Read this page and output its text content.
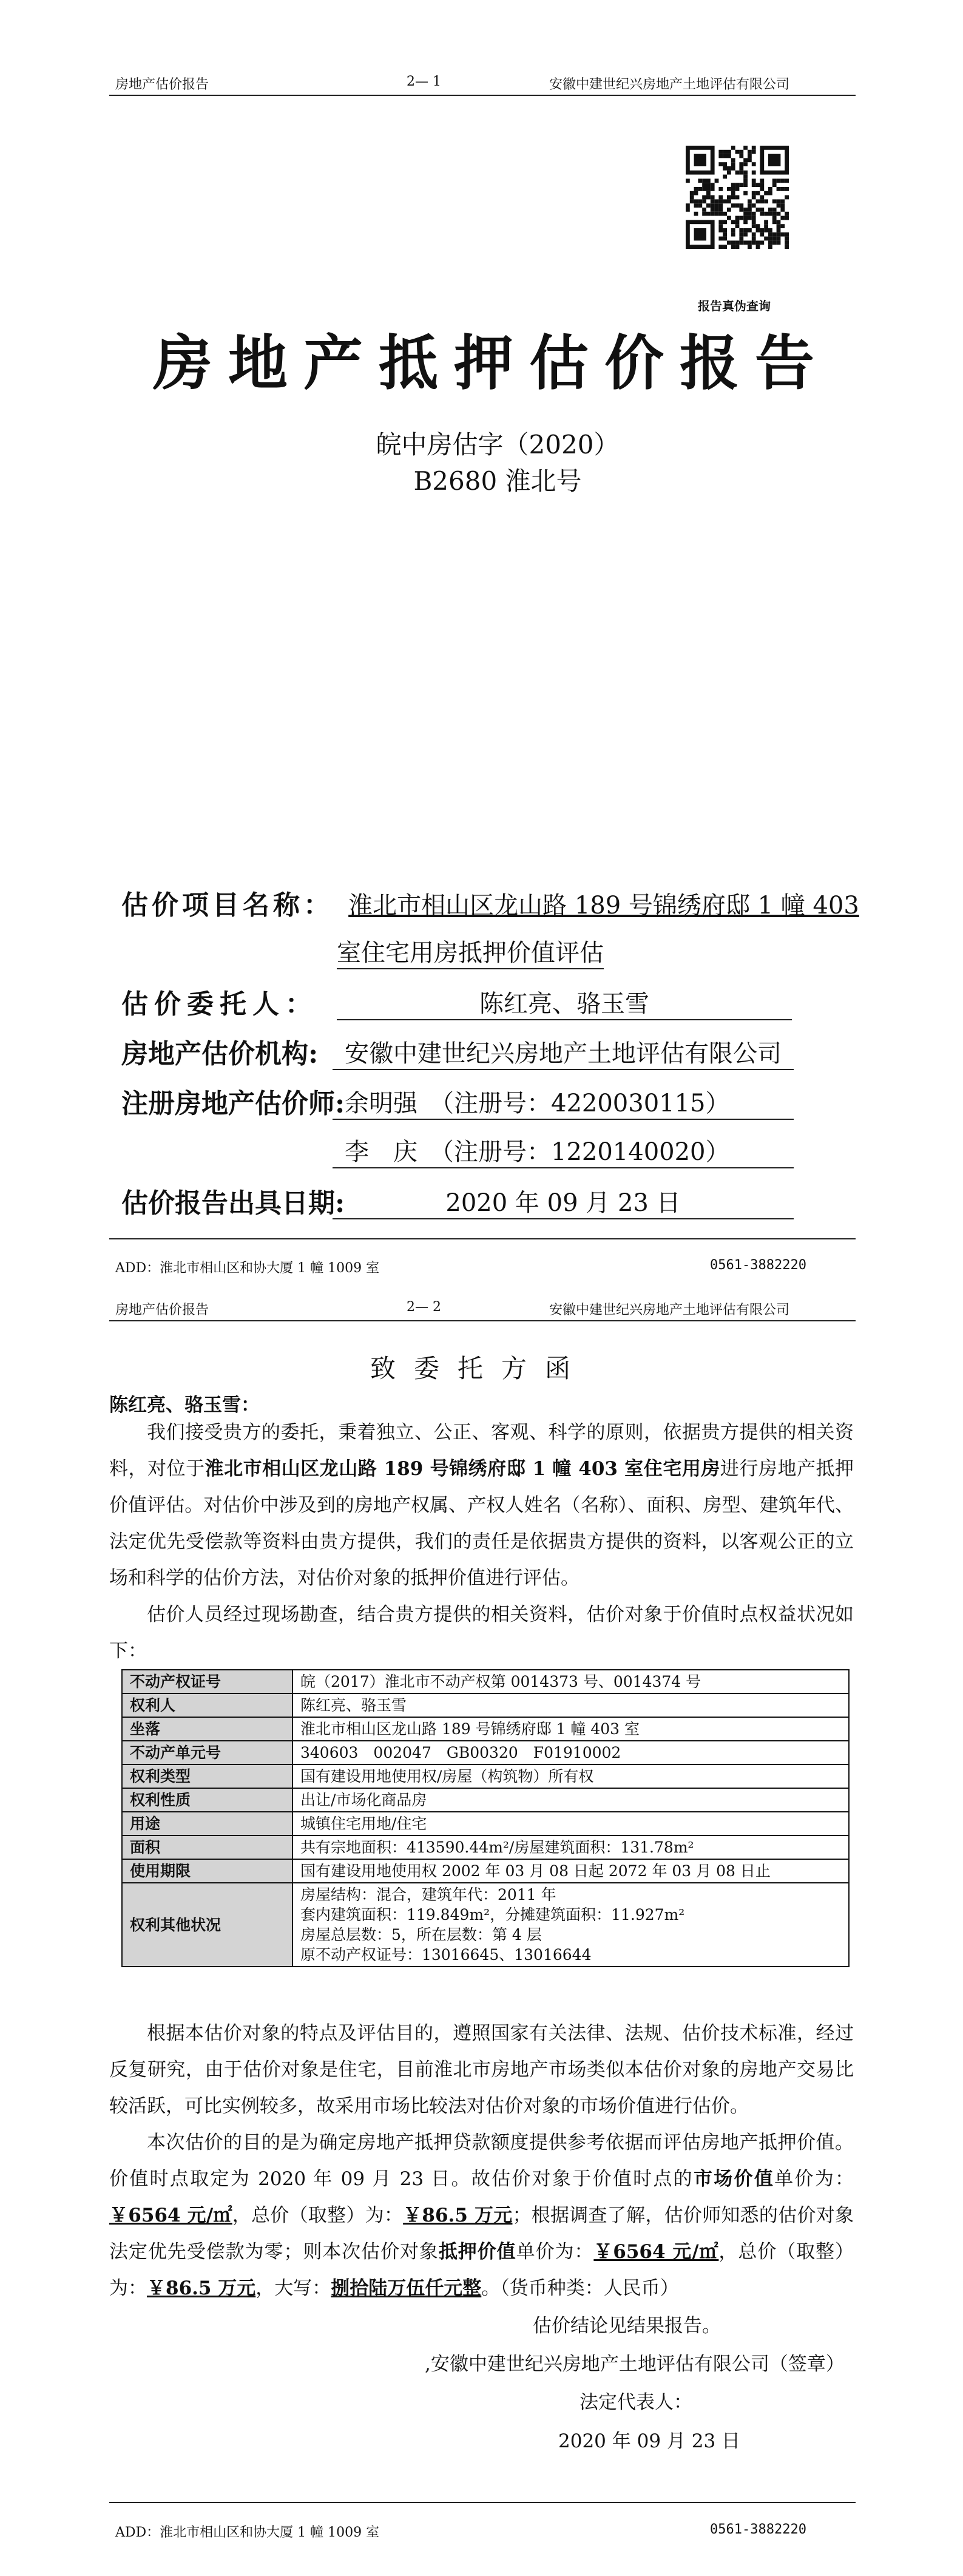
房地产估价报告	2— 1	安徽中建世纪兴房地产土地评估有限公司
报告真伪查询
房地产抵押估价报告
皖中房估字（2020）B2680 淮北号
估价项目名称： 淮北市相山区龙山路 189 号锦绣府邸 1 幢 403
室住宅用房抵押价值评估
估价委托人：	陈红亮、骆玉雪
房地产估价机构:	安徽中建世纪兴房地产土地评估有限公司
注册房地产估价师: 余明强　（注册号：4220030115）
李　庆　（注册号：1220140020）
估价报告出具日期:	2020 年 09 月 23 日
ADD：淮北市相山区和协大厦 1 幢 1009 室	0561-3882220
房地产估价报告	2— 2	安徽中建世纪兴房地产土地评估有限公司
致委托方函
陈红亮、骆玉雪：

我们接受贵方的委托，秉着独立、公正、客观、科学的原则，依据贵方提供的相关资料，对位于淮北市相山区龙山路 189 号锦绣府邸 1 幢 403 室住宅用房进行房地产抵押价值评估。对估价中涉及到的房地产权属、产权人姓名（名称）、面积、房型、建筑年代、法定优先受偿款等资料由贵方提供，我们的责任是依据贵方提供的资料，以客观公正的立场和科学的估价方法，对估价对象的抵押价值进行评估。

估价人员经过现场勘查，结合贵方提供的相关资料，估价对象于价值时点权益状况如下：

不动产权证号	皖（2017）淮北市不动产权第 0014373 号、0014374 号

权利人	陈红亮、骆玉雪

坐落	淮北市相山区龙山路 189 号锦绣府邸 1 幢 403 室

不动产单元号	340603　002047　GB00320　F01910002

权利类型	国有建设用地使用权/房屋（构筑物）所有权

权利性质	出让/市场化商品房

用途	城镇住宅用地/住宅

面积	共有宗地面积：413590.44m²/房屋建筑面积：131.78m²

使用期限	国有建设用地使用权 2002 年 03 月 08 日起 2072 年 03 月 08 日止

权利其他状况	房屋结构：混合，建筑年代：2011 年
套内建筑面积：119.849m²，分摊建筑面积：11.927m²
房屋总层数：5，所在层数：第 4 层
原不动产权证号：13016645、13016644

根据本估价对象的特点及评估目的，遵照国家有关法律、法规、估价技术标准，经过反复研究，由于估价对象是住宅，目前淮北市房地产市场类似本估价对象的房地产交易比较活跃，可比实例较多，故采用市场比较法对估价对象的市场价值进行估价。

本次估价的目的是为确定房地产抵押贷款额度提供参考依据而评估房地产抵押价值。价值时点取定为 2020 年 09 月 23 日。故估价对象于价值时点的市场价值单价为：￥6564 元/㎡，总价（取整）为：￥86.5 万元；根据调查了解，估价师知悉的估价对象法定优先受偿款为零；则本次估价对象抵押价值单价为：￥6564 元/㎡，总价（取整）为：￥86.5 万元，大写：捌拾陆万伍仟元整。（货币种类：人民币）

估价结论见结果报告。
,安徽中建世纪兴房地产土地评估有限公司（签章）
法定代表人：
2020 年 09 月 23 日
ADD：淮北市相山区和协大厦 1 幢 1009 室	0561-3882220
